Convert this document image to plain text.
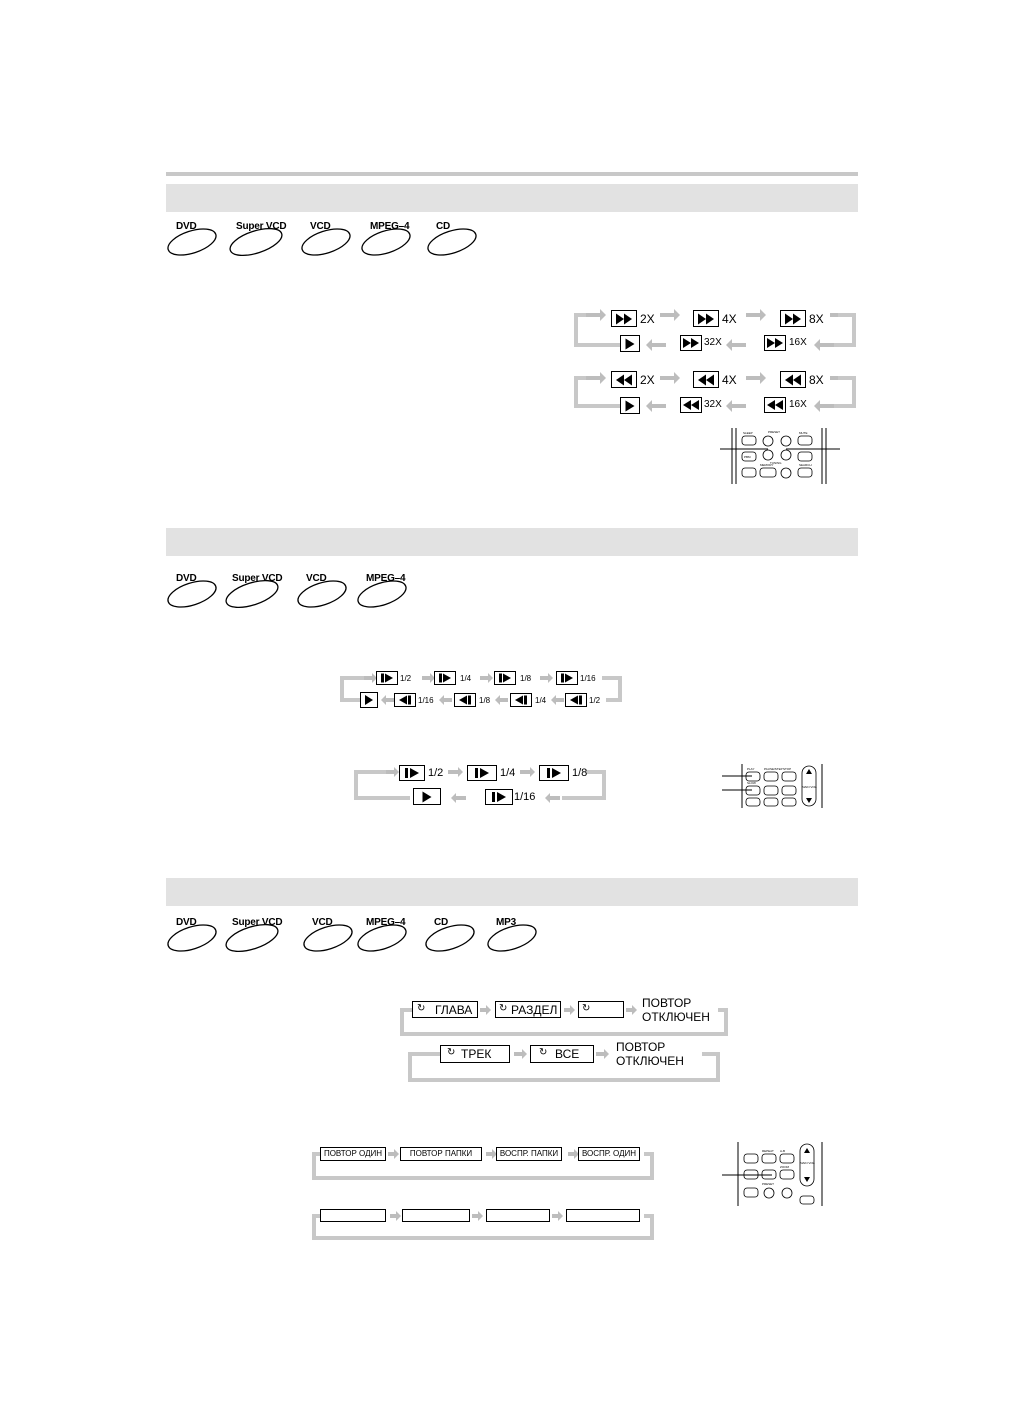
DVD	Super VCD VCD	MPEG–4	CD
2X	4X	8X
32X	16X
2X	4X	8X
32X	16X
SLEEP	PRESET	MUTE
PBM
TUNING	SEARCH
MEMORY
DVD	Super VCD VCD	MPEG–4
1/2	1/4	1/8	1/16
1/16	1/8	1/4	1/2
1/2	1/4	1/8
1/16
PLAY	PAUSE/STEP STOP
SLOW
MAIN VOL.
DVD	Super VCD	VCD	MPEG–4	CD	MP3
↻ ГЛАВА	↻ РАЗДЕЛ ↻	ПОВТОР
ОТКЛЮЧЕН
↻ ТРЕК	↻ ВСЕ	ПОВТОР
ОТКЛЮЧЕН
ПОВТОР ОДИН	ПОВТОР ПАПКИ	ВОСПР. ПАПКИ	ВОСПР. ОДИН
MAIN VOL.
REPEAT A-B
ZOOM
PRESET
